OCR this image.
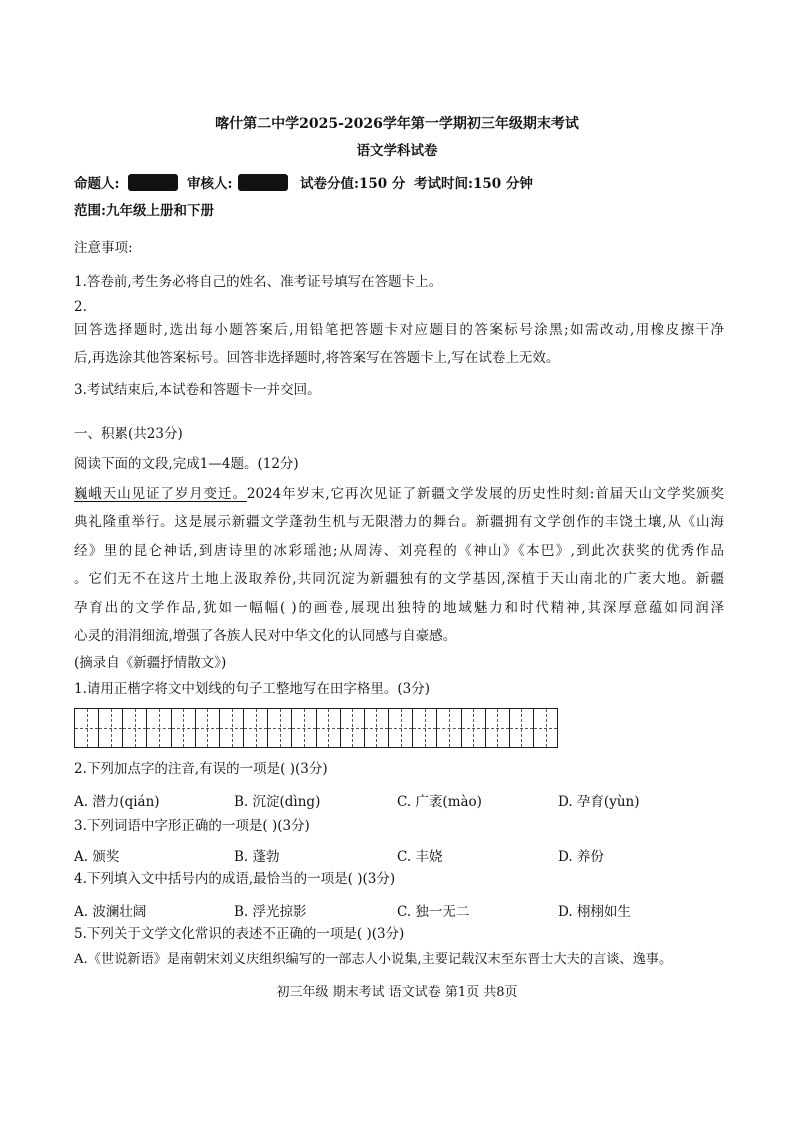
喀什第二中学2025-2026学年第一学期初三年级期末考试
语文学科试卷
命题人:	审核人:	试卷分值:150 分 考试时间:150 分钟
范围:九年级上册和下册
注意事项:
1.答卷前,考生务必将自己的姓名、准考证号填写在答题卡上。
2.
回答选择题时,选出每小题答案后,用铅笔把答题卡对应题目的答案标号涂黑;如需改动,用橡皮擦干净
后,再选涂其他答案标号。回答非选择题时,将答案写在答题卡上,写在试卷上无效。
3.考试结束后,本试卷和答题卡一并交回。
一、积累(共23分)
阅读下面的文段,完成1—4题。(12分)
巍峨天山见证了岁月变迁。2024年岁末,它再次见证了新疆文学发展的历史性时刻:首届天山文学奖颁奖
典礼隆重举行。这是展示新疆文学蓬勃生机与无限潜力的舞台。新疆拥有文学创作的丰饶土壤,从《山海
经》里的昆仑神话,到唐诗里的冰彩瑶池;从周涛、刘亮程的《神山》《本巴》,到此次获奖的优秀作品
。它们无不在这片土地上汲取养份,共同沉淀为新疆独有的文学基因,深植于天山南北的广袤大地。新疆
孕育出的文学作品,犹如一幅幅( )的画卷,展现出独特的地域魅力和时代精神,其深厚意蕴如同润泽
心灵的涓涓细流,增强了各族人民对中华文化的认同感与自豪感。
(摘录自《新疆抒情散文》)
1.请用正楷字将文中划线的句子工整地写在田字格里。(3分)
2.下列加点字的注音,有误的一项是( )(3分)
A. 潜力(qián)	B. 沉淀(dìng)	C. 广袤(mào)	D. 孕育(yùn)
3.下列词语中字形正确的一项是( )(3分)
A. 颁奖	B. 蓬勃	C. 丰娆	D. 养份
4.下列填入文中括号内的成语,最恰当的一项是( )(3分)
A. 波澜壮阔	B. 浮光掠影	C. 独一无二	D. 栩栩如生
5.下列关于文学文化常识的表述不正确的一项是( )(3分)
A.《世说新语》是南朝宋刘义庆组织编写的一部志人小说集,主要记载汉末至东晋士大夫的言谈、逸事。
初三年级 期末考试 语文试卷 第1页 共8页
